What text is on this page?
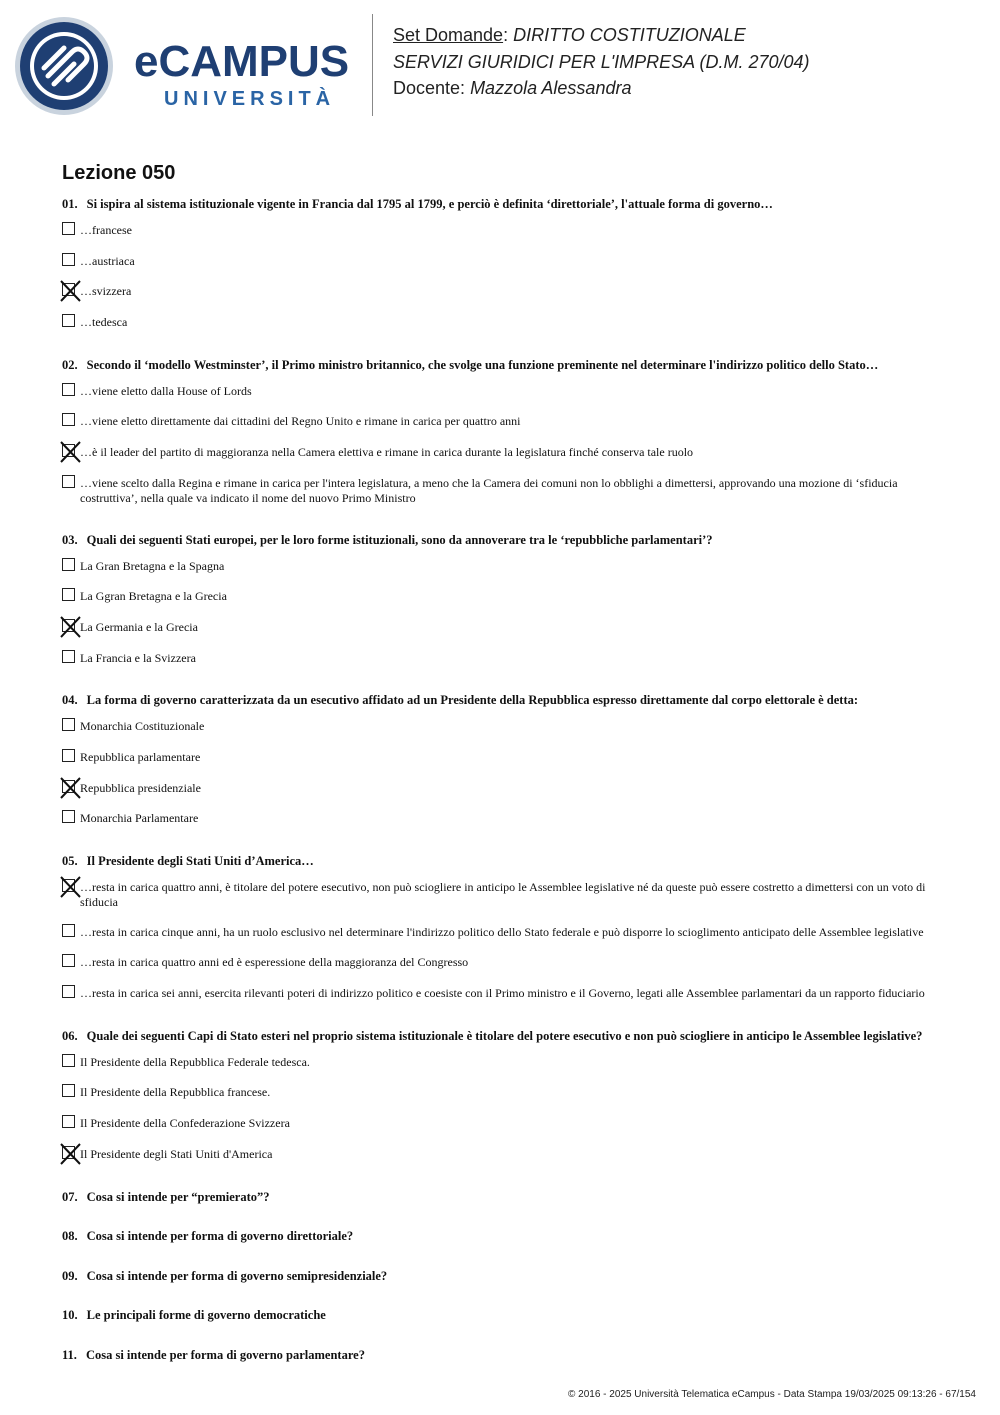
eCAMPUS
UNIVERSITÀ
Set Domande: DIRITTO COSTITUZIONALE
SERVIZI GIURIDICI PER L'IMPRESA (D.M. 270/04)
Docente: Mazzola Alessandra
Lezione 050
01. Si ispira al sistema istituzionale vigente in Francia dal 1795 al 1799, e perciò è definita ‘direttoriale’, l'attuale forma di governo…
…francese
…austriaca
…svizzera
…tedesca
02. Secondo il ‘modello Westminster’, il Primo ministro britannico, che svolge una funzione preminente nel determinare l'indirizzo politico dello Stato…
…viene eletto dalla House of Lords
…viene eletto direttamente dai cittadini del Regno Unito e rimane in carica per quattro anni
…è il leader del partito di maggioranza nella Camera elettiva e rimane in carica durante la legislatura finché conserva tale ruolo
…viene scelto dalla Regina e rimane in carica per l'intera legislatura, a meno che la Camera dei comuni non lo obblighi a dimettersi, approvando una mozione di ‘sfiducia costruttiva’, nella quale va indicato il nome del nuovo Primo Ministro
03. Quali dei seguenti Stati europei, per le loro forme istituzionali, sono da annoverare tra le ‘repubbliche parlamentari’?
La Gran Bretagna e la Spagna
La Ggran Bretagna e la Grecia
La Germania e la Grecia
La Francia e la Svizzera
04. La forma di governo caratterizzata da un esecutivo affidato ad un Presidente della Repubblica espresso direttamente dal corpo elettorale è detta:
Monarchia Costituzionale
Repubblica parlamentare
Repubblica presidenziale
Monarchia Parlamentare
05. Il Presidente degli Stati Uniti d’America…
…resta in carica quattro anni, è titolare del potere esecutivo, non può sciogliere in anticipo le Assemblee legislative né da queste può essere costretto a dimettersi con un voto di sfiducia
…resta in carica cinque anni, ha un ruolo esclusivo nel determinare l'indirizzo politico dello Stato federale e può disporre lo scioglimento anticipato delle Assemblee legislative
…resta in carica quattro anni ed è esperessione della maggioranza del Congresso
…resta in carica sei anni, esercita rilevanti poteri di indirizzo politico e coesiste con il Primo ministro e il Governo, legati alle Assemblee parlamentari da un rapporto fiduciario
06. Quale dei seguenti Capi di Stato esteri nel proprio sistema istituzionale è titolare del potere esecutivo e non può sciogliere in anticipo le Assemblee legislative?
Il Presidente della Repubblica Federale tedesca.
Il Presidente della Repubblica francese.
Il Presidente della Confederazione Svizzera
Il Presidente degli Stati Uniti d'America
07. Cosa si intende per “premierato”?
08. Cosa si intende per forma di governo direttoriale?
09. Cosa si intende per forma di governo semipresidenziale?
10. Le principali forme di governo democratiche
11. Cosa si intende per forma di governo parlamentare?
© 2016 - 2025 Università Telematica eCampus - Data Stampa 19/03/2025 09:13:26 - 67/154
